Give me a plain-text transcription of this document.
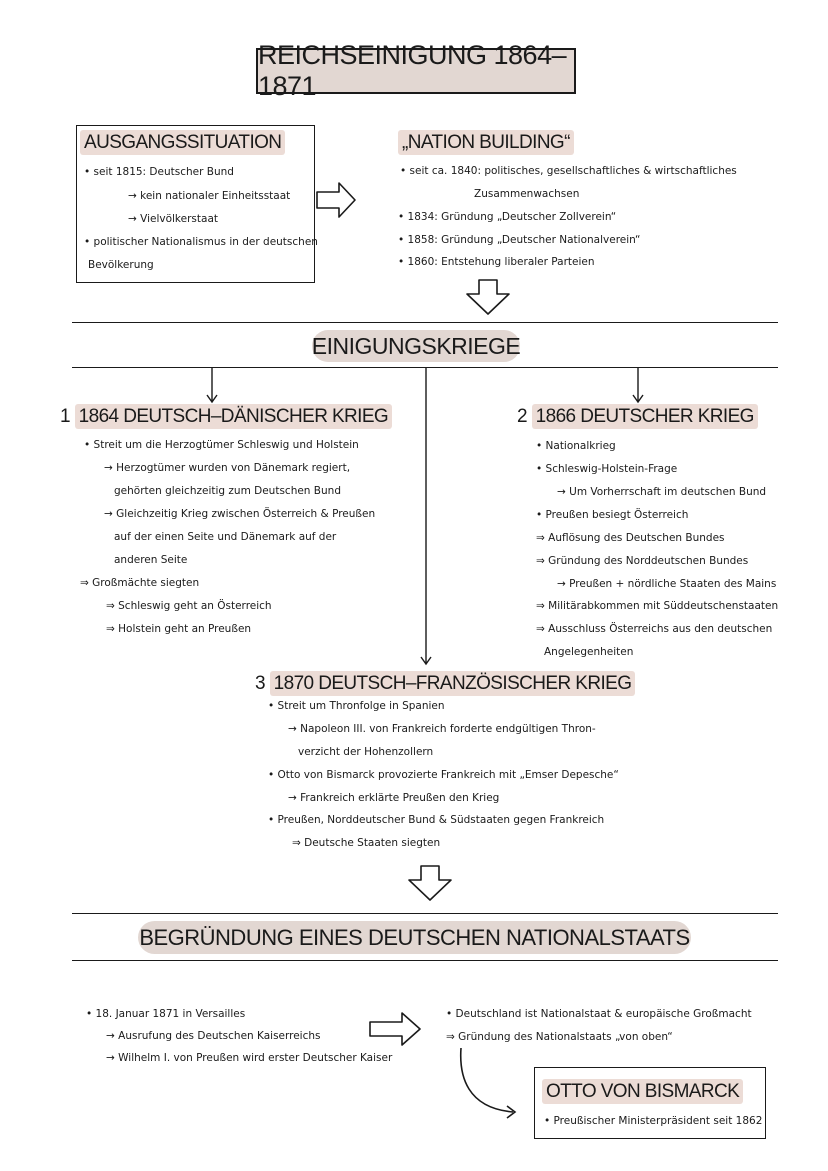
REICHSEINIGUNG 1864–1871
AUSGANGSSITUATION
• seit 1815: Deutscher Bund
→ kein nationaler Einheitsstaat
→ Vielvölkerstaat
• politischer Nationalismus in der deutschen
Bevölkerung
„NATION BUILDING“
• seit ca. 1840: politisches, gesellschaftliches & wirtschaftliches
Zusammenwachsen
• 1834: Gründung „Deutscher Zollverein“
• 1858: Gründung „Deutscher Nationalverein“
• 1860: Entstehung liberaler Parteien
EINIGUNGSKRIEGE
1 1864 DEUTSCH–DÄNISCHER KRIEG
• Streit um die Herzogtümer Schleswig und Holstein
→ Herzogtümer wurden von Dänemark regiert,
gehörten gleichzeitig zum Deutschen Bund
→ Gleichzeitig Krieg zwischen Österreich & Preußen
auf der einen Seite und Dänemark auf der
anderen Seite
⇒ Großmächte siegten
⇒ Schleswig geht an Österreich
⇒ Holstein geht an Preußen
2 1866 DEUTSCHER KRIEG
• Nationalkrieg
• Schleswig-Holstein-Frage
→ Um Vorherrschaft im deutschen Bund
• Preußen besiegt Österreich
⇒ Auflösung des Deutschen Bundes
⇒ Gründung des Norddeutschen Bundes
→ Preußen + nördliche Staaten des Mains
⇒ Militärabkommen mit Süddeutschenstaaten
⇒ Ausschluss Österreichs aus den deutschen
Angelegenheiten
3 1870 DEUTSCH–FRANZÖSISCHER KRIEG
• Streit um Thronfolge in Spanien
→ Napoleon III. von Frankreich forderte endgültigen Thron-
verzicht der Hohenzollern
• Otto von Bismarck provozierte Frankreich mit „Emser Depesche“
→ Frankreich erklärte Preußen den Krieg
• Preußen, Norddeutscher Bund & Südstaaten gegen Frankreich
⇒ Deutsche Staaten siegten
BEGRÜNDUNG EINES DEUTSCHEN NATIONALSTAATS
• 18. Januar 1871 in Versailles
→ Ausrufung des Deutschen Kaiserreichs
→ Wilhelm I. von Preußen wird erster Deutscher Kaiser
• Deutschland ist Nationalstaat & europäische Großmacht
⇒ Gründung des Nationalstaats „von oben“
OTTO VON BISMARCK
• Preußischer Ministerpräsident seit 1862
